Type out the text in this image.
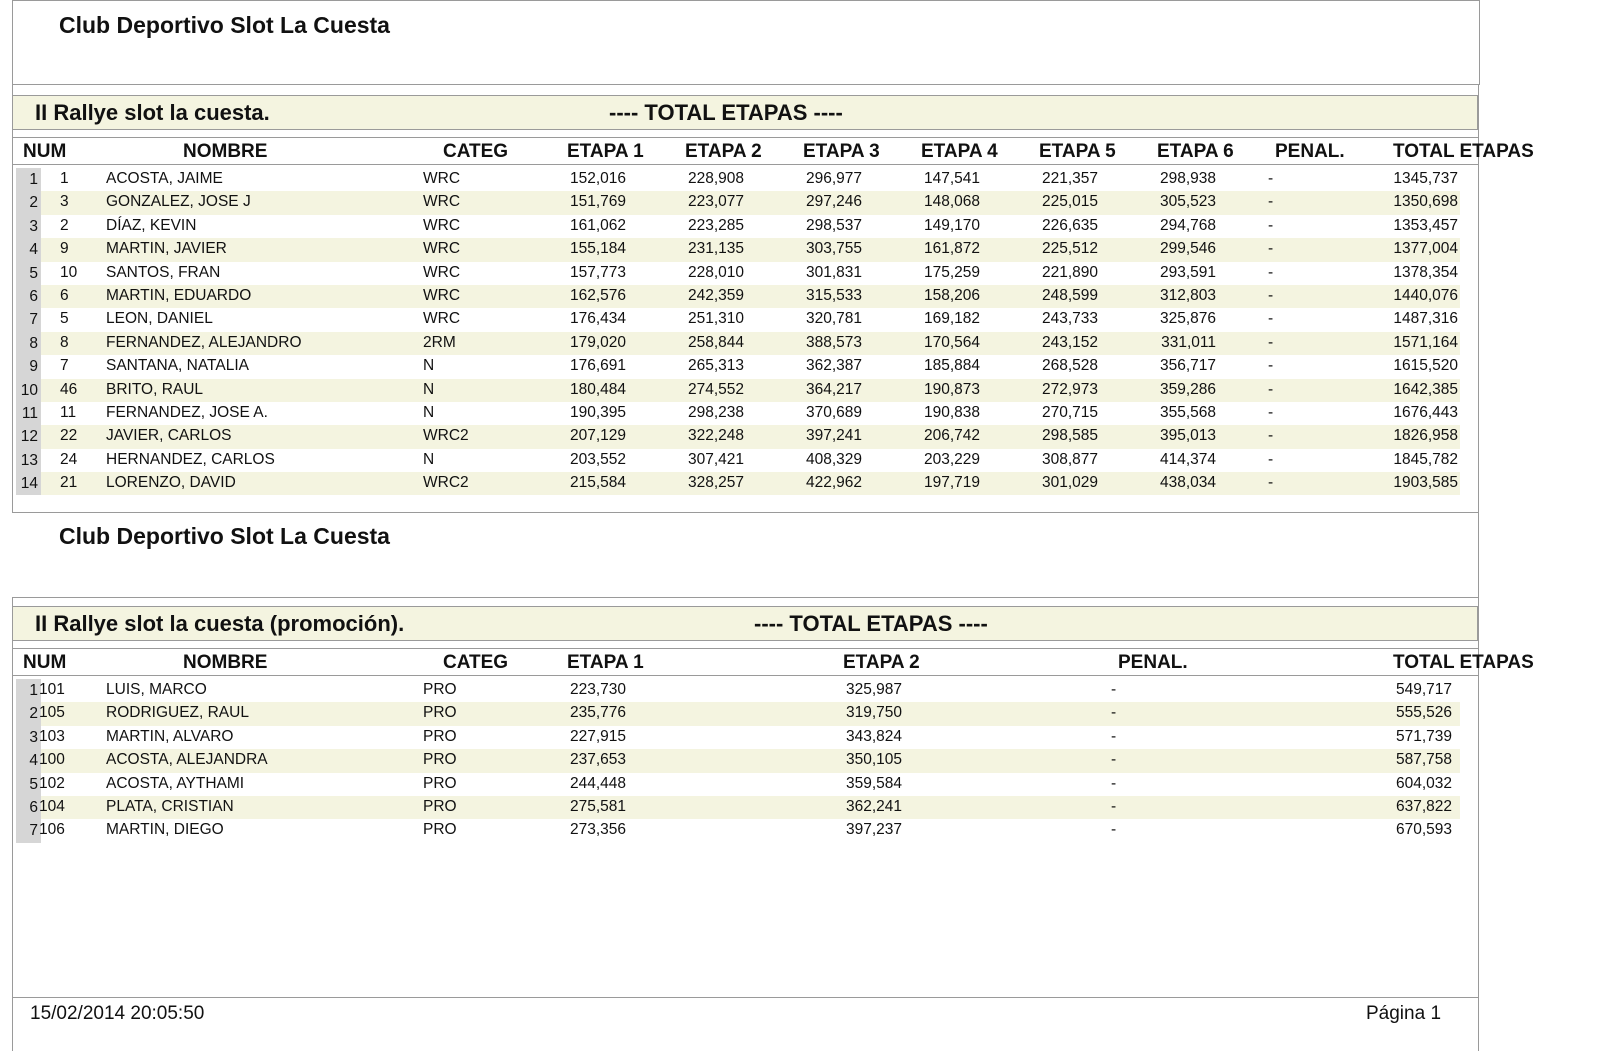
Club Deportivo Slot La Cuesta
II Rallye slot la cuesta.	---- TOTAL ETAPAS ----
NUM	NOMBRE	CATEG	ETAPA 1 ETAPA 2 ETAPA 3 ETAPA 4 ETAPA 5 ETAPA 6 PENAL.	TOTAL ETAPAS
1 1 ACOSTA, JAIME	WRC	152,016	228,908	296,977	147,541	221,357	298,938	-	1345,737
2 3 GONZALEZ, JOSE J	WRC	151,769	223,077	297,246	148,068	225,015	305,523	-	1350,698
3 2 DÍAZ, KEVIN	WRC	161,062	223,285	298,537	149,170	226,635	294,768	-	1353,457
4 9 MARTIN, JAVIER	WRC	155,184	231,135	303,755	161,872	225,512	299,546	-	1377,004
5 10 SANTOS, FRAN	WRC	157,773	228,010	301,831	175,259	221,890	293,591	-	1378,354
6 6 MARTIN, EDUARDO	WRC	162,576	242,359	315,533	158,206	248,599	312,803	-	1440,076
7 5 LEON, DANIEL	WRC	176,434	251,310	320,781	169,182	243,733	325,876	-	1487,316
8 8 FERNANDEZ, ALEJANDRO	2RM	179,020	258,844	388,573	170,564	243,152	331,011	-	1571,164
9 7 SANTANA, NATALIA	N	176,691	265,313	362,387	185,884	268,528	356,717	-	1615,520
10 46 BRITO, RAUL	N	180,484	274,552	364,217	190,873	272,973	359,286	-	1642,385
11 11 FERNANDEZ, JOSE A.	N	190,395	298,238	370,689	190,838	270,715	355,568	-	1676,443
12 22 JAVIER, CARLOS	WRC2	207,129	322,248	397,241	206,742	298,585	395,013	-	1826,958
13 24 HERNANDEZ, CARLOS	N	203,552	307,421	408,329	203,229	308,877	414,374	-	1845,782
14 21 LORENZO, DAVID	WRC2	215,584	328,257	422,962	197,719	301,029	438,034	-	1903,585
Club Deportivo Slot La Cuesta
II Rallye slot la cuesta (promoción).	---- TOTAL ETAPAS ----
NUM	NOMBRE	CATEG	ETAPA 1	ETAPA 2	PENAL.	TOTAL ETAPAS
1 101	LUIS, MARCO	PRO	223,730	325,987	-	549,717
2 105	RODRIGUEZ, RAUL	PRO	235,776	319,750	-	555,526
3 103	MARTIN, ALVARO	PRO	227,915	343,824	-	571,739
4 100	ACOSTA, ALEJANDRA	PRO	237,653	350,105	-	587,758
5 102	ACOSTA, AYTHAMI	PRO	244,448	359,584	-	604,032
6 104	PLATA, CRISTIAN	PRO	275,581	362,241	-	637,822
7 106	MARTIN, DIEGO	PRO	273,356	397,237	-	670,593
15/02/2014 20:05:50	Página 1
